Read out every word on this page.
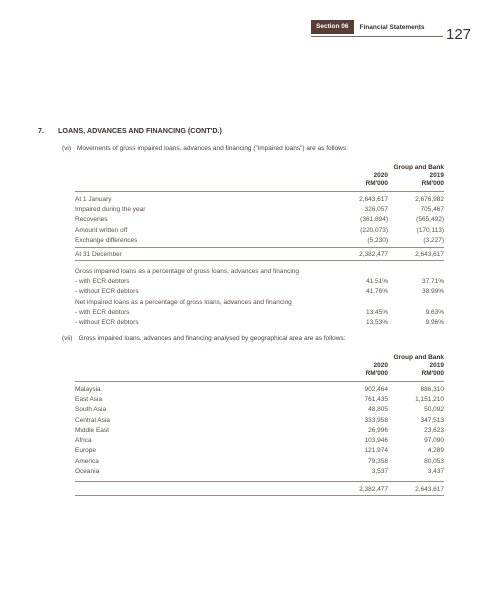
Section 06	Financial Statements 127
7. LOANS, ADVANCES AND FINANCING (CONT'D.)
(vi) Movements of gross impaired loans, advances and financing ("impaired loans") are as follows:
Group and Bank
2020	2019
RM'000	RM'000
At 1 January	2,643,617	2,676,982
Impaired during the year	326,057	705,467
Recoveries	(361,894)	(565,492)
Amount written off	(220,073)	(170,113)
Exchange differences	(5,230)	(3,227)
At 31 December	2,382,477	2,643,617
Gross impaired loans as a percentage of gross loans, advances and financing
- with ECR debtors	41.51%	37.71%
- without ECR debtors	41.76%	38.99%
Net impaired loans as a percentage of gross loans, advances and financing
- with ECR debtors	13.45%	9.63%
- without ECR debtors	13.53%	9.96%
(vii) Gross impaired loans, advances and financing analysed by geographical area are as follows:
Group and Bank
2020	2019
RM'000	RM'000
Malaysia	902,464	886,310
East Asia	761,435	1,151,210
South Asia	48,805	50,092
Central Asia	333,958	347,513
Middle East	26,996	23,623
Africa	103,946	97,090
Europe	121,974	4,289
America	79,358	80,053
Oceania	3,537	3,437
2,382,477	2,643,617
